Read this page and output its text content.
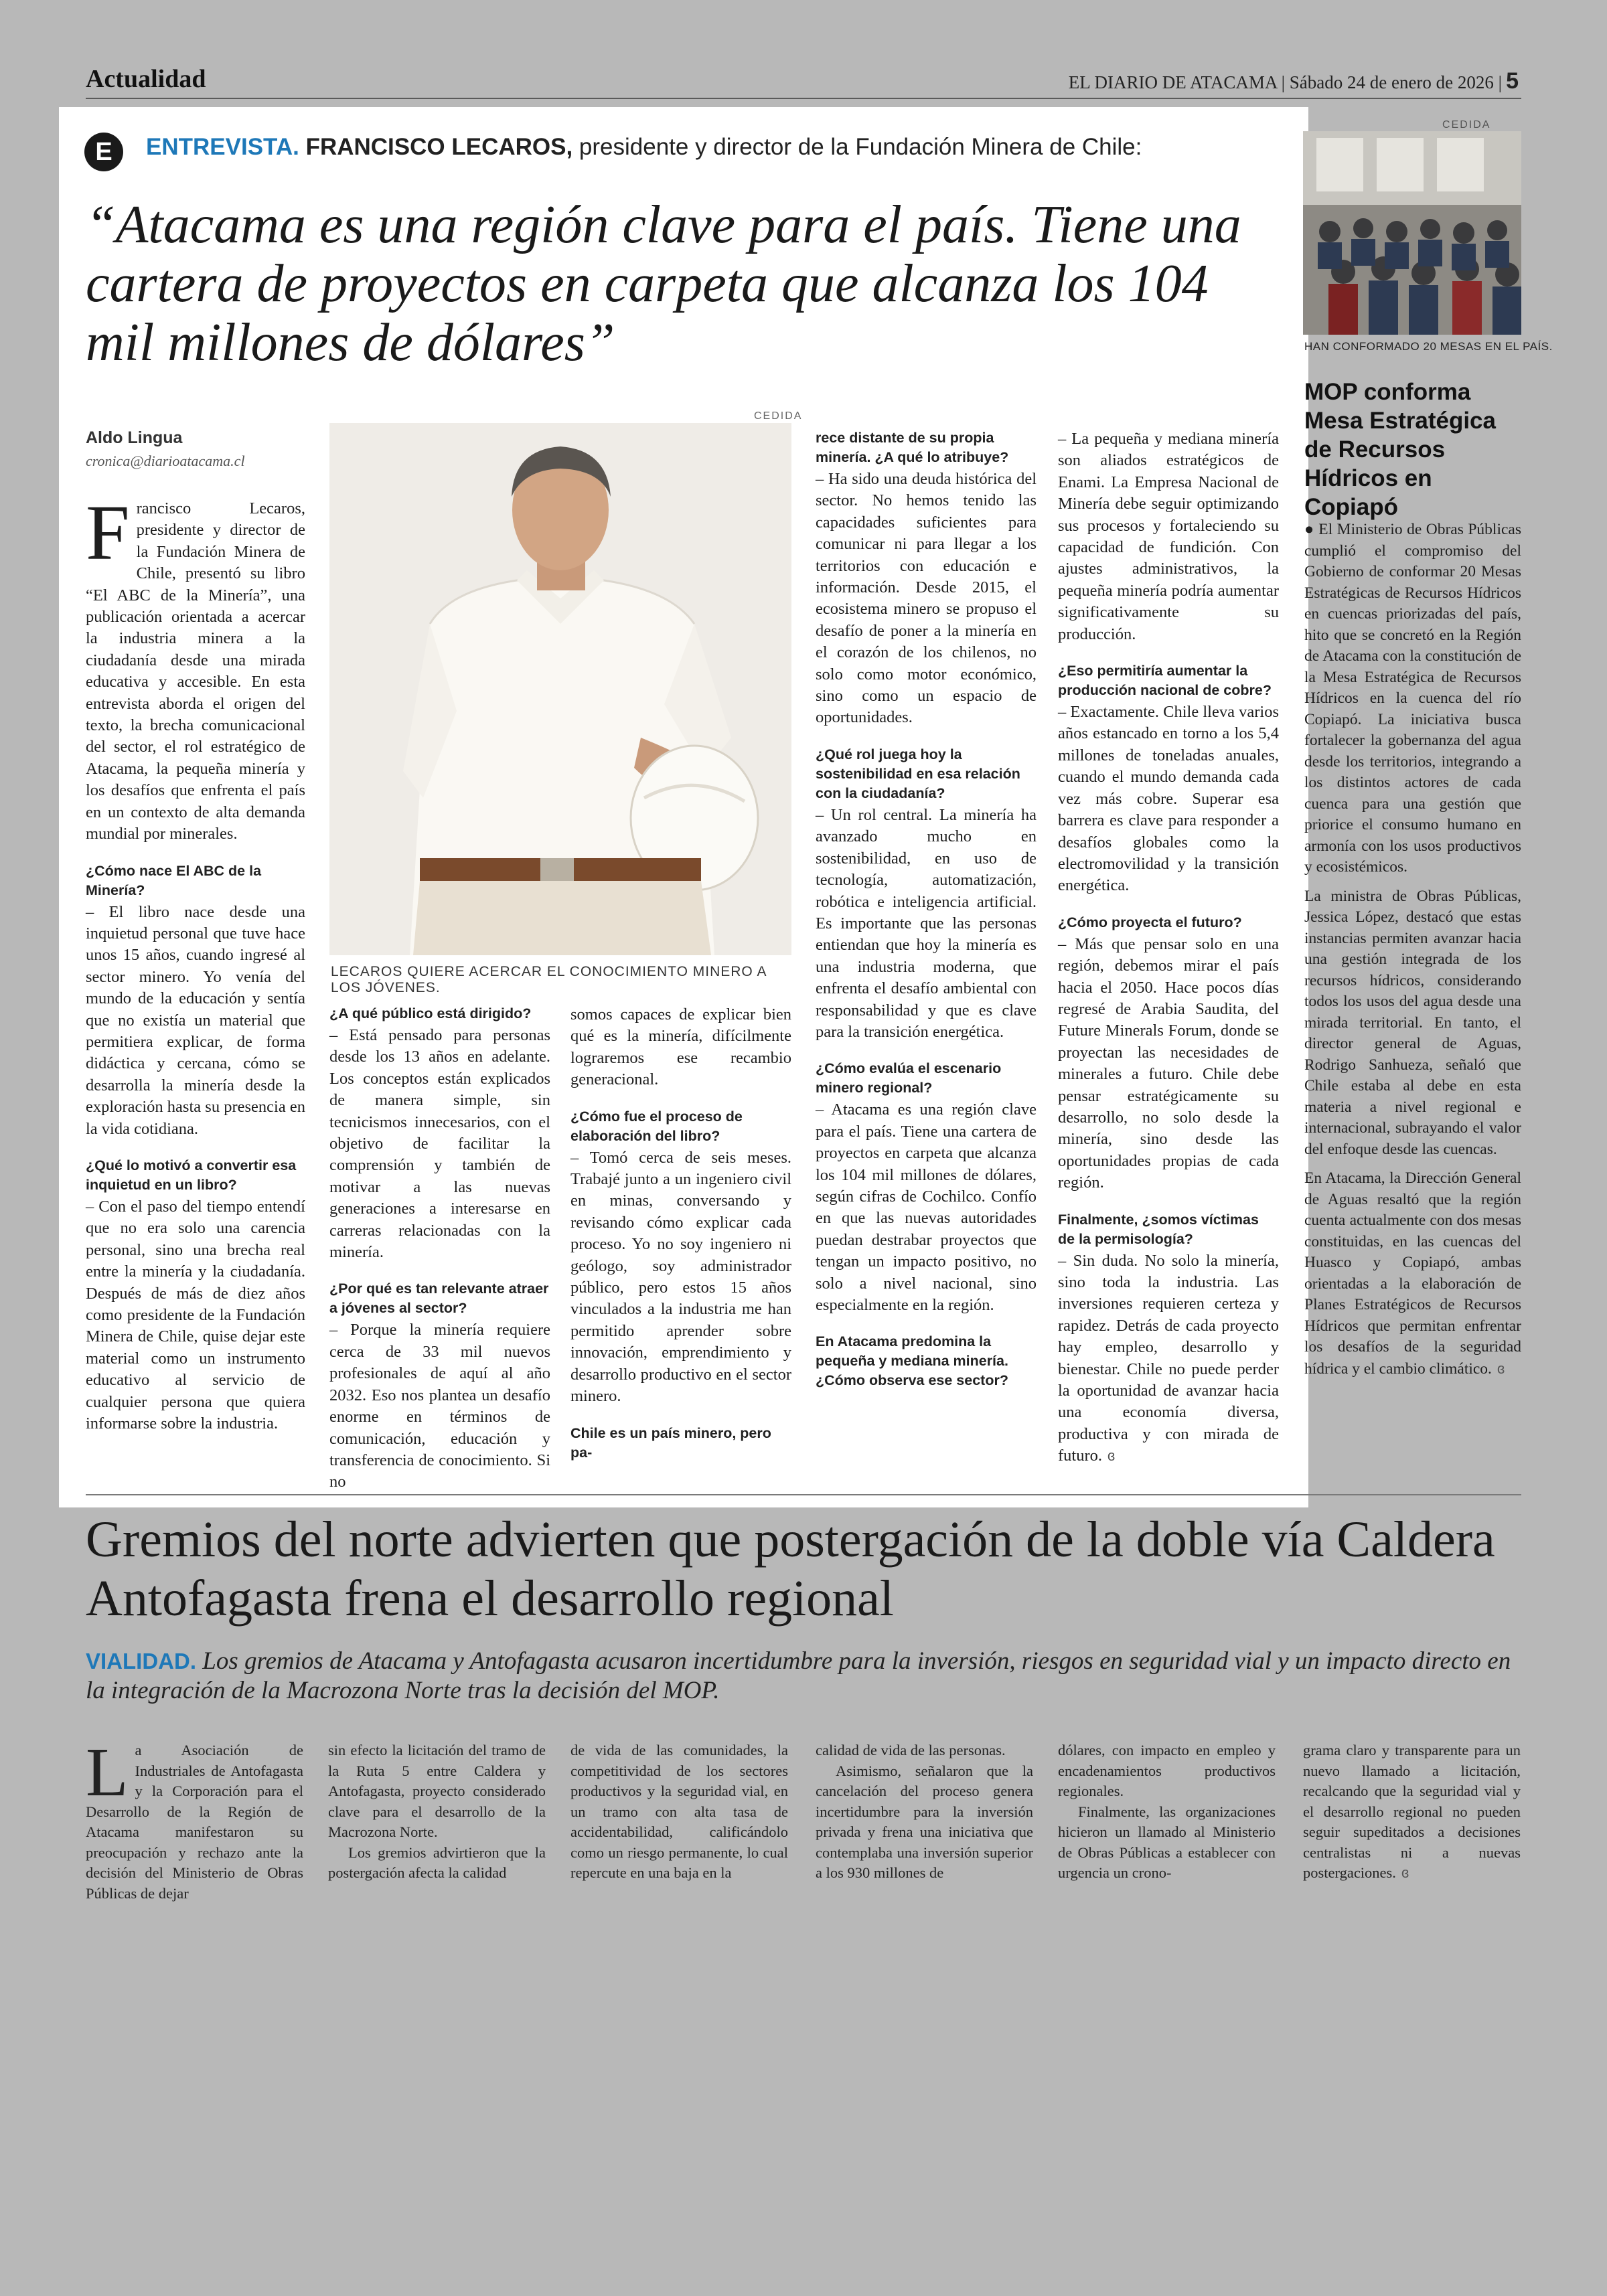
Actualidad	EL DIARIO DE ATACAMA | Sábado 24 de enero de 2026 | 5
E	ENTREVISTA. FRANCISCO LECAROS, presidente y director de la Fundación Minera de Chile:
“Atacama es una región clave para el país. Tiene una cartera de proyectos en carpeta que alcanza los 104 mil millones de dólares”
CEDIDA
LECAROS QUIERE ACERCAR EL CONOCIMIENTO MINERO A LOS JÓVENES.
Aldo Lingua
cronica@diarioatacama.cl

Francisco Lecaros, presidente y director de la Fundación Minera de Chile, presentó su libro “El ABC de la Minería”, una publicación orientada a acercar la industria minera a la ciudadanía desde una mirada educativa y accesible. En esta entrevista aborda el origen del texto, la brecha comunicacional del sector, el rol estratégico de Atacama, la pequeña minería y los desafíos que enfrenta el país en un contexto de alta demanda mundial por minerales.

¿Cómo nace El ABC de la Minería?

– El libro nace desde una inquietud personal que tuve hace unos 15 años, cuando ingresé al sector minero. Yo venía del mundo de la educación y sentía que no existía un material que permitiera explicar, de forma didáctica y cercana, cómo se desarrolla la minería desde la exploración hasta su presencia en la vida cotidiana.

¿Qué lo motivó a convertir esa inquietud en un libro?

– Con el paso del tiempo entendí que no era solo una carencia personal, sino una brecha real entre la minería y la ciudadanía. Después de más de diez años como presidente de la Fundación Minera de Chile, quise dejar este material como un instrumento educativo al servicio de cualquier persona que quiera informarse sobre la industria.

¿A qué público está dirigido?

– Está pensado para personas desde los 13 años en adelante. Los conceptos están explicados de manera simple, sin tecnicismos innecesarios, con el objetivo de facilitar la comprensión y también de motivar a las nuevas generaciones a interesarse en carreras relacionadas con la minería.

¿Por qué es tan relevante atraer a jóvenes al sector?

– Porque la minería requiere cerca de 33 mil nuevos profesionales de aquí al año 2032. Eso nos plantea un desafío enorme en términos de comunicación, educación y transferencia de conocimiento. Si no

somos capaces de explicar bien qué es la minería, difícilmente lograremos ese recambio generacional.

¿Cómo fue el proceso de elaboración del libro?

– Tomó cerca de seis meses. Trabajé junto a un ingeniero civil en minas, conversando y revisando cómo explicar cada proceso. Yo no soy ingeniero ni geólogo, soy administrador público, pero estos 15 años vinculados a la industria me han permitido aprender sobre innovación, emprendimiento y desarrollo productivo en el sector minero.

Chile es un país minero, pero pa-
rece distante de su propia minería. ¿A qué lo atribuye?

– Ha sido una deuda histórica del sector. No hemos tenido las capacidades suficientes para comunicar ni para llegar a los territorios con educación e información. Desde 2015, el ecosistema minero se propuso el desafío de poner a la minería en el corazón de los chilenos, no solo como motor económico, sino como un espacio de oportunidades.

¿Qué rol juega hoy la sostenibilidad en esa relación con la ciudadanía?

– Un rol central. La minería ha avanzado mucho en sostenibilidad, en uso de tecnología, automatización, robótica e inteligencia artificial. Es importante que las personas entiendan que hoy la minería es una industria moderna, que enfrenta el desafío ambiental con responsabilidad y que es clave para la transición energética.

¿Cómo evalúa el escenario minero regional?

– Atacama es una región clave para el país. Tiene una cartera de proyectos en carpeta que alcanza los 104 mil millones de dólares, según cifras de Cochilco. Confío en que las nuevas autoridades puedan destrabar proyectos que tengan un impacto positivo, no solo a nivel nacional, sino especialmente en la región.

En Atacama predomina la pequeña y mediana minería. ¿Cómo observa ese sector?

– La pequeña y mediana minería son aliados estratégicos de Enami. La Empresa Nacional de Minería debe seguir optimizando sus procesos y fortaleciendo su capacidad de fundición. Con ajustes administrativos, la pequeña minería podría aumentar significativamente su producción.

¿Eso permitiría aumentar la producción nacional de cobre?

– Exactamente. Chile lleva varios años estancado en torno a los 5,4 millones de toneladas anuales, cuando el mundo demanda cada vez más cobre. Superar esa barrera es clave para responder a desafíos globales como la electromovilidad y la transición energética.

¿Cómo proyecta el futuro?

– Más que pensar solo en una región, debemos mirar el país hacia el 2050. Hace pocos días regresé de Arabia Saudita, del Future Minerals Forum, donde se proyectan las necesidades de minerales a futuro. Chile debe pensar estratégicamente su desarrollo, no solo desde la minería, sino desde las oportunidades propias de cada región.

Finalmente, ¿somos víctimas de la permisología?

– Sin duda. No solo la minería, sino toda la industria. Las inversiones requieren certeza y rapidez. Detrás de cada proyecto hay empleo, desarrollo y bienestar. Chile no puede perder la oportunidad de avanzar hacia una economía diversa, productiva y con mirada de futuro. ɞ

CEDIDA
HAN CONFORMADO 20 MESAS EN EL PAÍS.
MOP conforma Mesa Estratégica de Recursos Hídricos en Copiapó

● El Ministerio de Obras Públicas cumplió el compromiso del Gobierno de conformar 20 Mesas Estratégicas de Recursos Hídricos en cuencas priorizadas del país, hito que se concretó en la Región de Atacama con la constitución de la Mesa Estratégica de Recursos Hídricos en la cuenca del río Copiapó. La iniciativa busca fortalecer la gobernanza del agua desde los territorios, integrando a los distintos actores de cada cuenca para una gestión que priorice el consumo humano en armonía con los usos productivos y ecosistémicos.

La ministra de Obras Públicas, Jessica López, destacó que estas instancias permiten avanzar hacia una gestión integrada de los recursos hídricos, considerando todos los usos del agua desde una mirada territorial. En tanto, el director general de Aguas, Rodrigo Sanhueza, señaló que Chile estaba al debe en esta materia a nivel regional e internacional, subrayando el valor del enfoque desde las cuencas.

En Atacama, la Dirección General de Aguas resaltó que la región cuenta actualmente con dos mesas constituidas, en las cuencas del Huasco y Copiapó, ambas orientadas a la elaboración de Planes Estratégicos de Recursos Hídricos que permitan enfrentar los desafíos de la seguridad hídrica y el cambio climático. ɞ

Gremios del norte advierten que postergación de la doble vía Caldera Antofagasta frena el desarrollo regional
VIALIDAD. Los gremios de Atacama y Antofagasta acusaron incertidumbre para la inversión, riesgos en seguridad vial y un impacto directo en la integración de la Macrozona Norte tras la decisión del MOP.

La Asociación de Industriales de Antofagasta y la Corporación para el Desarrollo de la Región de Atacama manifestaron su preocupación y rechazo ante la decisión del Ministerio de Obras Públicas de dejar

sin efecto la licitación del tramo de la Ruta 5 entre Caldera y Antofagasta, proyecto considerado clave para el desarrollo de la Macrozona Norte.

Los gremios advirtieron que la postergación afecta la calidad

de vida de las comunidades, la competitividad de los sectores productivos y la seguridad vial, en un tramo con alta tasa de accidentabilidad, calificándolo como un riesgo permanente, lo cual repercute en una baja en la

calidad de vida de las personas.

Asimismo, señalaron que la cancelación del proceso genera incertidumbre para la inversión privada y frena una iniciativa que contemplaba una inversión superior a los 930 millones de

dólares, con impacto en empleo y encadenamientos productivos regionales.

Finalmente, las organizaciones hicieron un llamado al Ministerio de Obras Públicas a establecer con urgencia un crono-

grama claro y transparente para un nuevo llamado a licitación, recalcando que la seguridad vial y el desarrollo regional no pueden seguir supeditados a decisiones centralistas ni a nuevas postergaciones. ɞ
